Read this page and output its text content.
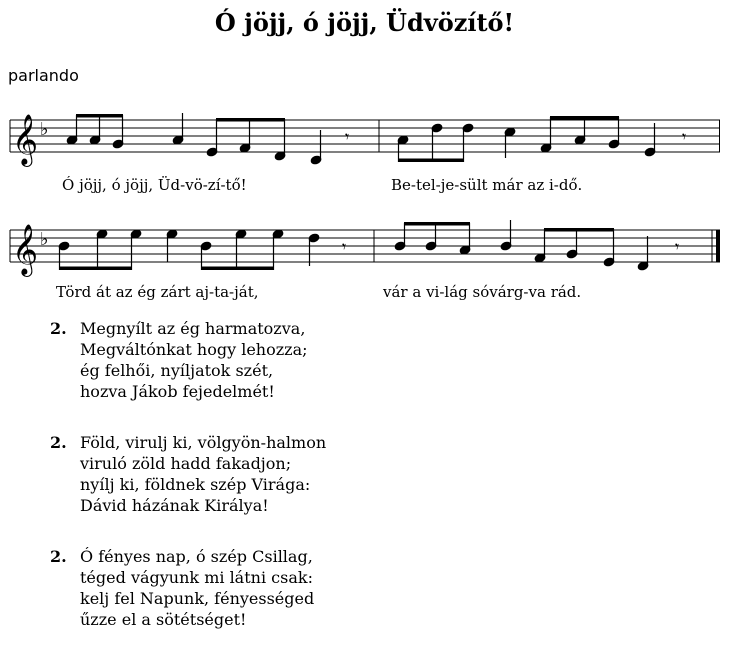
Ó jöjj, ó jöjj, Üdvözítő!
parlando
𝄞 ♭	𝄾	𝄾
Ó jöjj, ó jöjj, Üd-vö-zí-tő!	Be-tel-je-sült már az i-dő.
𝄞 ♭	𝄾	𝄾
Törd át az ég zárt aj-ta-ját,	vár a vi-lág sóvárg-va rád.
2. Megnyílt az ég harmatozva,
Megváltónkat hogy lehozza;
ég felhői, nyíljatok szét,
hozva Jákob fejedelmét!
2. Föld, virulj ki, völgyön-halmon
viruló zöld hadd fakadjon;
nyílj ki, földnek szép Virága:
Dávid házának Királya!
2. Ó fényes nap, ó szép Csillag,
téged vágyunk mi látni csak:
kelj fel Napunk, fényességed
űzze el a sötétséget!
